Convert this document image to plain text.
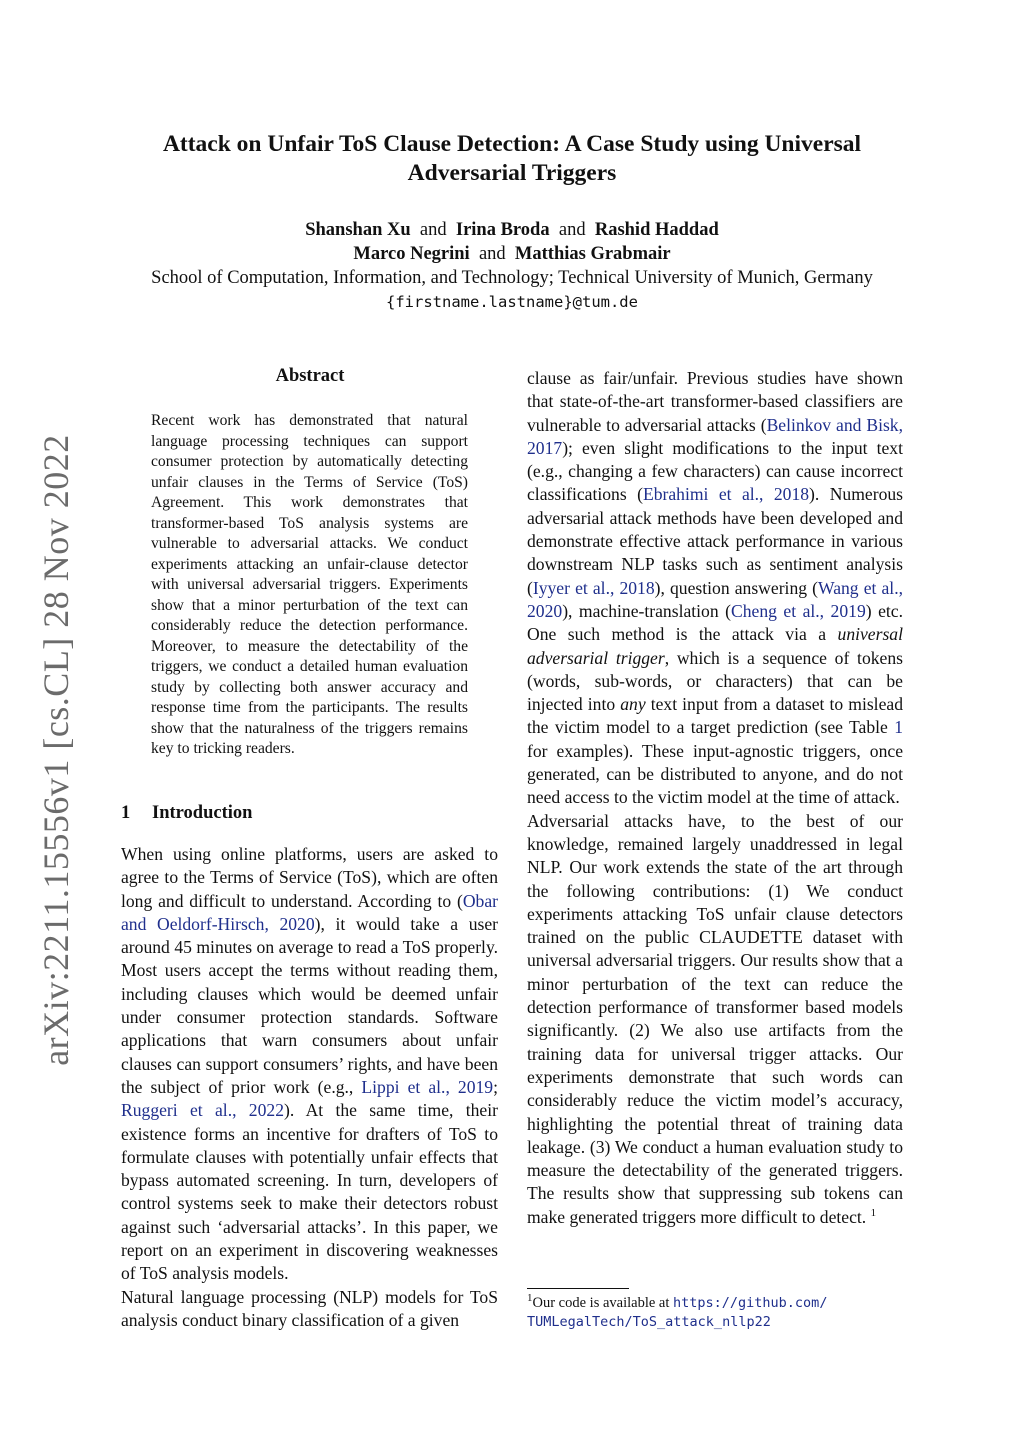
arXiv:2211.15556v1 [cs.CL] 28 Nov 2022
Attack on Unfair ToS Clause Detection: A Case Study using Universal
Adversarial Triggers
Shanshan Xu and Irina Broda and Rashid Haddad
Marco Negrini and Matthias Grabmair
School of Computation, Information, and Technology; Technical University of Munich, Germany
{firstname.lastname}@tum.de
Abstract
Recent work has demonstrated that natural language processing techniques can support consumer protection by automatically detecting unfair clauses in the Terms of Service (ToS) Agreement. This work demonstrates that transformer-based ToS analysis systems are vulnerable to adversarial attacks. We conduct experiments attacking an unfair-clause detector with universal adversarial triggers. Experiments show that a minor perturbation of the text can considerably reduce the detection performance. Moreover, to measure the detectability of the triggers, we conduct a detailed human evaluation study by collecting both answer accuracy and response time from the participants. The results show that the naturalness of the triggers remains key to tricking readers.
1 Introduction

When using online platforms, users are asked to agree to the Terms of Service (ToS), which are often long and difficult to understand. According to (Obar and Oeldorf-Hirsch, 2020), it would take a user around 45 minutes on average to read a ToS properly. Most users accept the terms without reading them, including clauses which would be deemed unfair under consumer protection standards. Software applications that warn consumers about unfair clauses can support consumers’ rights, and have been the subject of prior work (e.g., Lippi et al., 2019; Ruggeri et al., 2022). At the same time, their existence forms an incentive for drafters of ToS to formulate clauses with potentially unfair effects that bypass automated screening. In turn, developers of control systems seek to make their detectors robust against such ‘adversarial attacks’. In this paper, we report on an experiment in discovering weaknesses of ToS analysis models.

Natural language processing (NLP) models for ToS analysis conduct binary classification of a given

clause as fair/unfair. Previous studies have shown that state-of-the-art transformer-based classifiers are vulnerable to adversarial attacks (Belinkov and Bisk, 2017); even slight modifications to the input text (e.g., changing a few characters) can cause incorrect classifications (Ebrahimi et al., 2018). Numerous adversarial attack methods have been developed and demonstrate effective attack performance in various downstream NLP tasks such as sentiment analysis (Iyyer et al., 2018), question answering (Wang et al., 2020), machine-translation (Cheng et al., 2019) etc. One such method is the attack via a universal adversarial trigger, which is a sequence of tokens (words, sub-words, or characters) that can be injected into any text input from a dataset to mislead the victim model to a target prediction (see Table 1 for examples). These input-agnostic triggers, once generated, can be distributed to anyone, and do not need access to the victim model at the time of attack.

Adversarial attacks have, to the best of our knowledge, remained largely unaddressed in legal NLP. Our work extends the state of the art through the following contributions: (1) We conduct experiments attacking ToS unfair clause detectors trained on the public CLAUDETTE dataset with universal adversarial triggers. Our results show that a minor perturbation of the text can reduce the detection performance of transformer based models significantly. (2) We also use artifacts from the training data for universal trigger attacks. Our experiments demonstrate that such words can considerably reduce the victim model’s accuracy, highlighting the potential threat of training data leakage. (3) We conduct a human evaluation study to measure the detectability of the generated triggers. The results show that suppressing sub tokens can make generated triggers more difficult to detect. $^1$

$^1$Our code is available at https://github.com/
TUMLegalTech/ToS_attack_nllp22
